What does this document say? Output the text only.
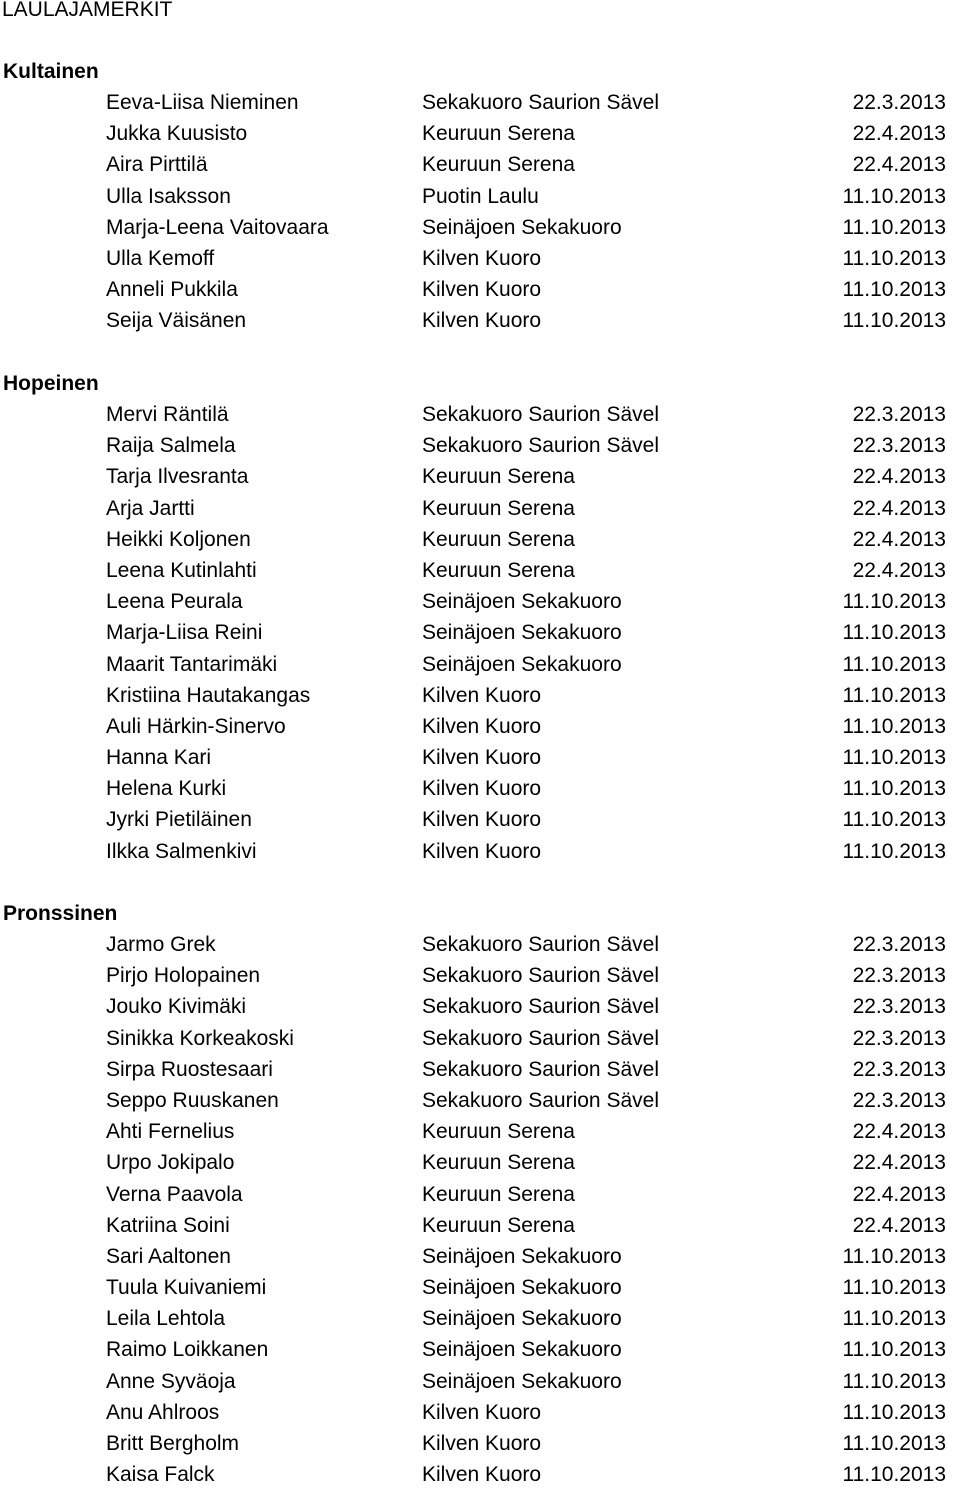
LAULAJAMERKIT
Kultainen
Eeva-Liisa Nieminen	Sekakuoro Saurion Sävel	22.3.2013
Jukka Kuusisto	Keuruun Serena	22.4.2013
Aira Pirttilä	Keuruun Serena	22.4.2013
Ulla Isaksson	Puotin Laulu	11.10.2013
Marja-Leena Vaitovaara	Seinäjoen Sekakuoro	11.10.2013
Ulla Kemoff	Kilven Kuoro	11.10.2013
Anneli Pukkila	Kilven Kuoro	11.10.2013
Seija Väisänen	Kilven Kuoro	11.10.2013
Hopeinen
Mervi Räntilä	Sekakuoro Saurion Sävel	22.3.2013
Raija Salmela	Sekakuoro Saurion Sävel	22.3.2013
Tarja Ilvesranta	Keuruun Serena	22.4.2013
Arja Jartti	Keuruun Serena	22.4.2013
Heikki Koljonen	Keuruun Serena	22.4.2013
Leena Kutinlahti	Keuruun Serena	22.4.2013
Leena Peurala	Seinäjoen Sekakuoro	11.10.2013
Marja-Liisa Reini	Seinäjoen Sekakuoro	11.10.2013
Maarit Tantarimäki	Seinäjoen Sekakuoro	11.10.2013
Kristiina Hautakangas	Kilven Kuoro	11.10.2013
Auli Härkin-Sinervo	Kilven Kuoro	11.10.2013
Hanna Kari	Kilven Kuoro	11.10.2013
Helena Kurki	Kilven Kuoro	11.10.2013
Jyrki Pietiläinen	Kilven Kuoro	11.10.2013
Ilkka Salmenkivi	Kilven Kuoro	11.10.2013
Pronssinen
Jarmo Grek	Sekakuoro Saurion Sävel	22.3.2013
Pirjo Holopainen	Sekakuoro Saurion Sävel	22.3.2013
Jouko Kivimäki	Sekakuoro Saurion Sävel	22.3.2013
Sinikka Korkeakoski	Sekakuoro Saurion Sävel	22.3.2013
Sirpa Ruostesaari	Sekakuoro Saurion Sävel	22.3.2013
Seppo Ruuskanen	Sekakuoro Saurion Sävel	22.3.2013
Ahti Fernelius	Keuruun Serena	22.4.2013
Urpo Jokipalo	Keuruun Serena	22.4.2013
Verna Paavola	Keuruun Serena	22.4.2013
Katriina Soini	Keuruun Serena	22.4.2013
Sari Aaltonen	Seinäjoen Sekakuoro	11.10.2013
Tuula Kuivaniemi	Seinäjoen Sekakuoro	11.10.2013
Leila Lehtola	Seinäjoen Sekakuoro	11.10.2013
Raimo Loikkanen	Seinäjoen Sekakuoro	11.10.2013
Anne Syväoja	Seinäjoen Sekakuoro	11.10.2013
Anu Ahlroos	Kilven Kuoro	11.10.2013
Britt Bergholm	Kilven Kuoro	11.10.2013
Kaisa Falck	Kilven Kuoro	11.10.2013
